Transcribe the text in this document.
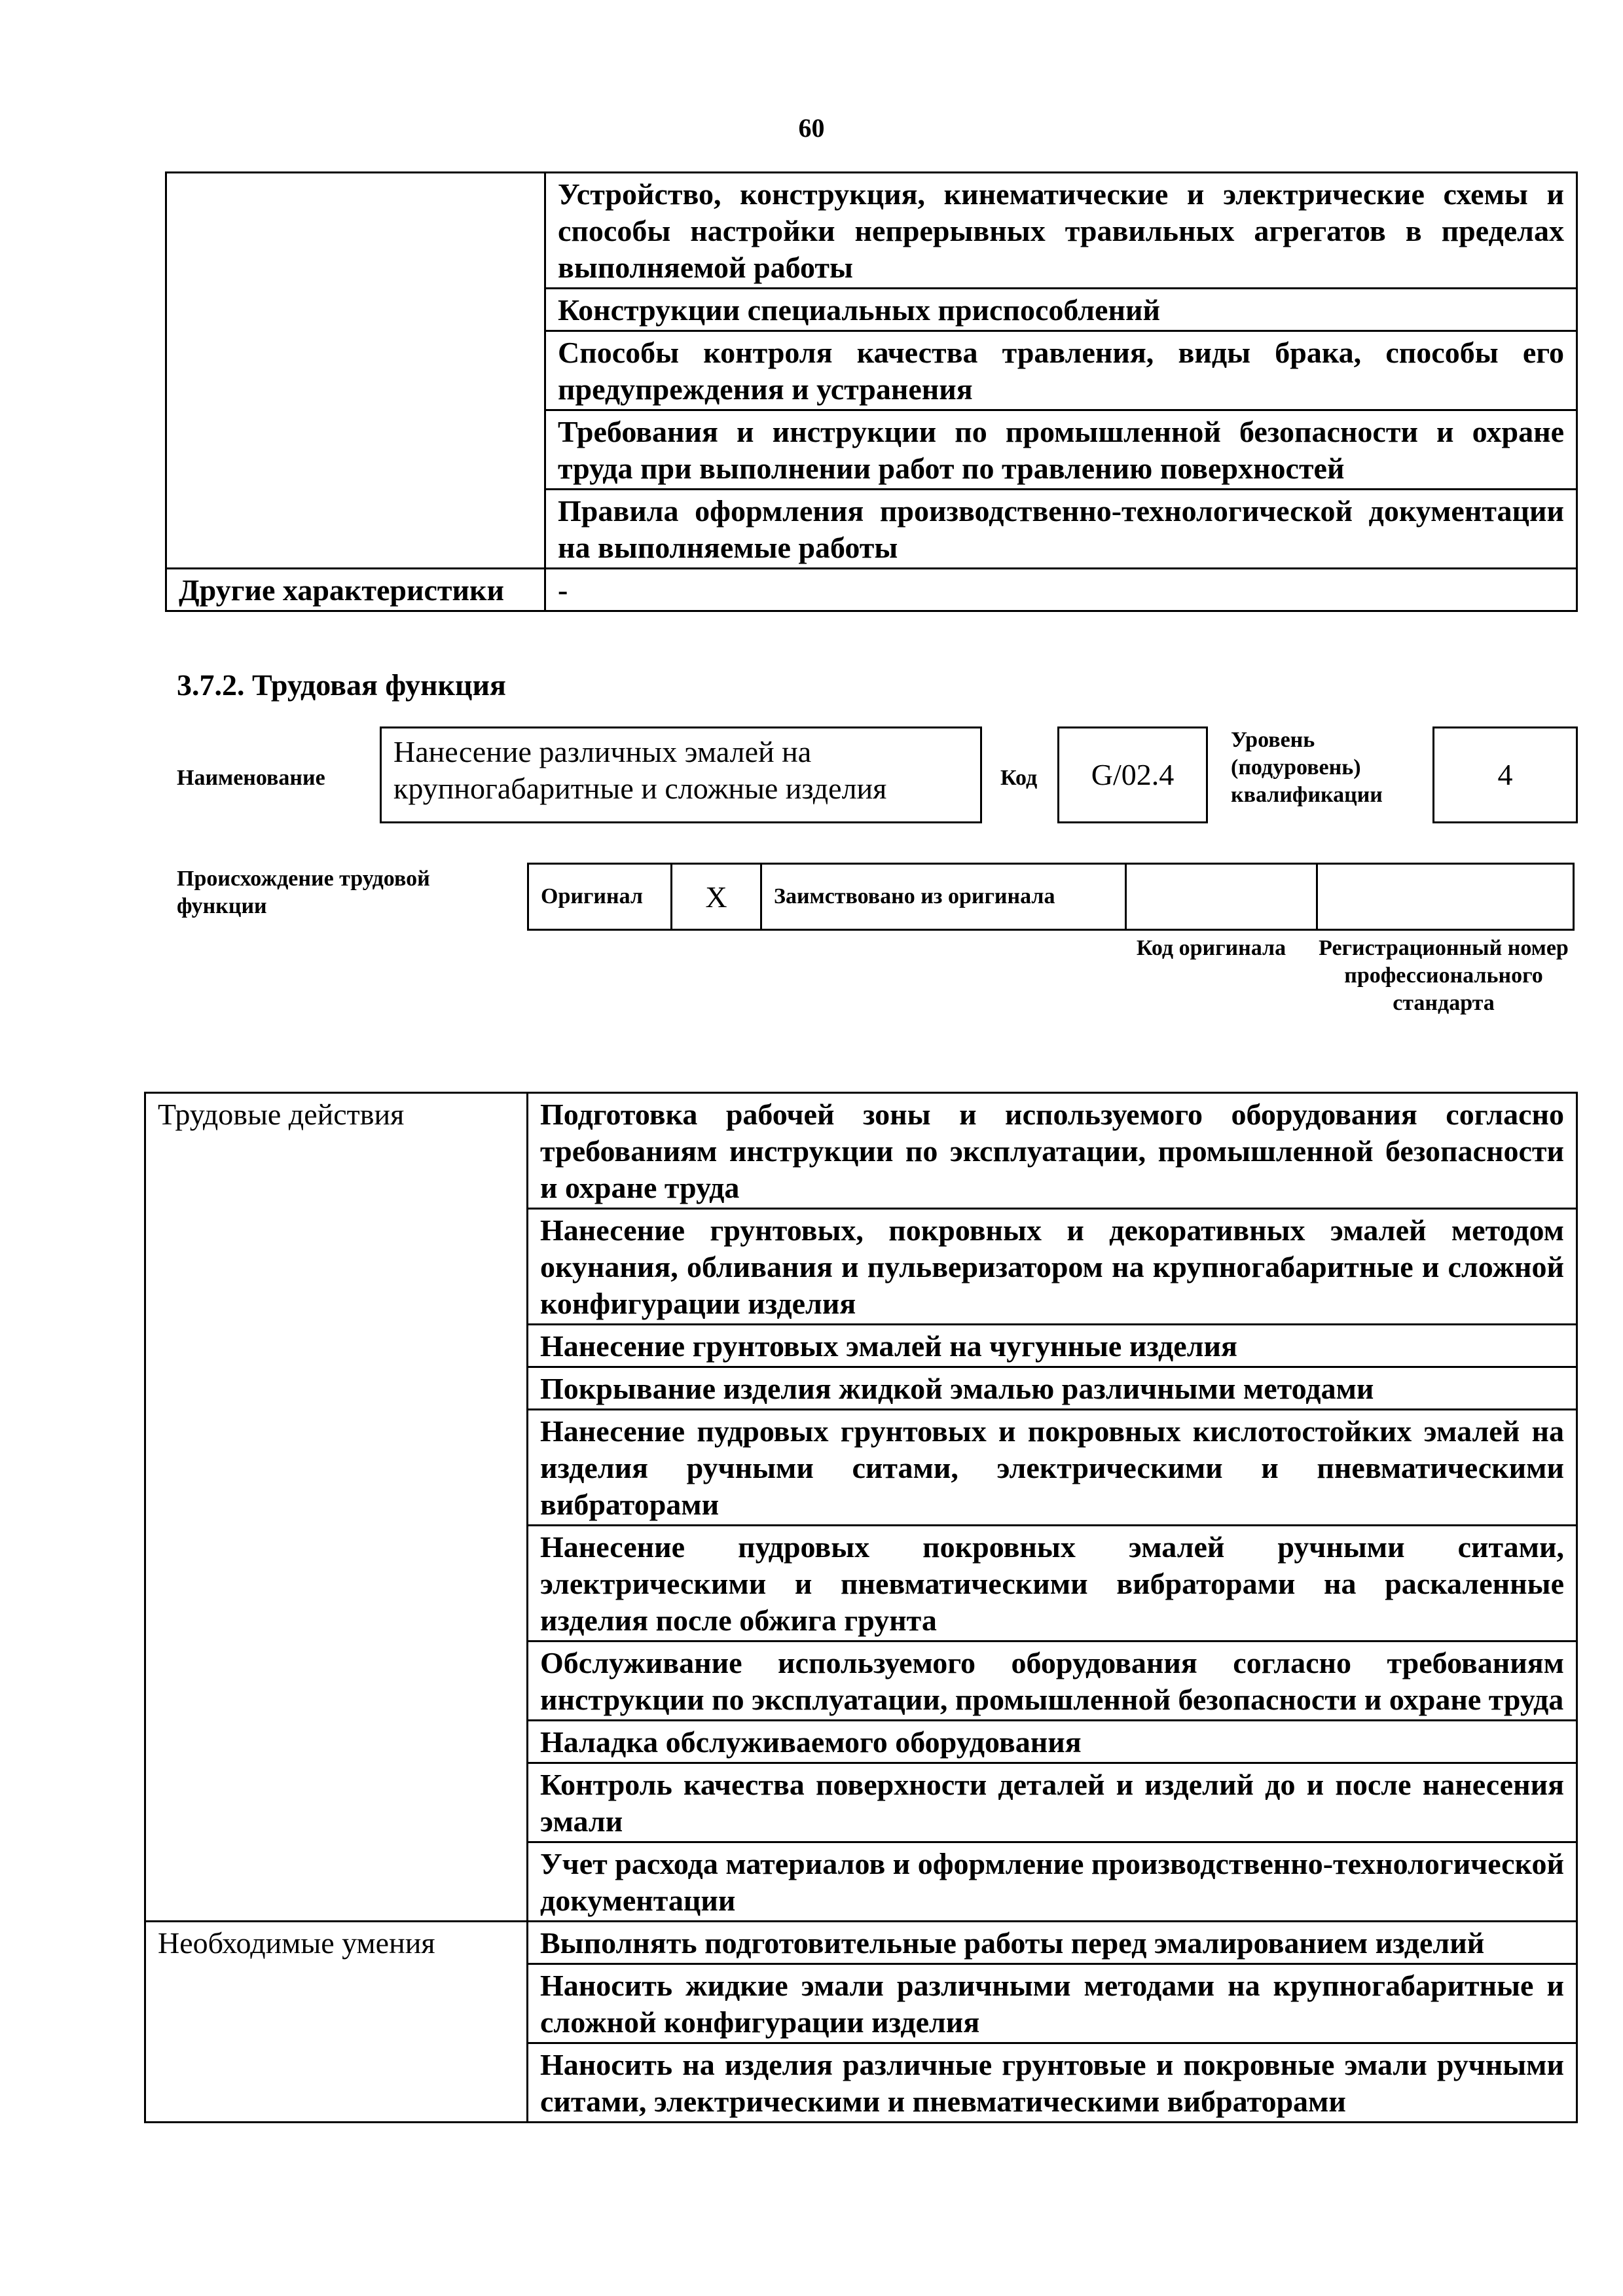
60
	Устройство, конструкция, кинематические и электрические схемы и способы настройки непрерывных травильных агрегатов в пределах выполняемой работы
	Конструкции специальных приспособлений
	Способы контроля качества травления, виды брака, способы его предупреждения и устранения
	Требования и инструкции по промышленной безопасности и охране труда при выполнении работ по травлению поверхностей
	Правила оформления производственно-технологической документации на выполняемые работы
Другие характеристики	-
3.7.2. Трудовая функция
Наименование
Нанесение различных эмалей на крупногабаритные и сложные изделия	Код	G/02.4
Уровень (подуровень) квалификации
4
Происхождение трудовой функции	Оригинал X Заимствовано из оригинала
Код оригинала	Регистрационный номер профессионального стандарта
Трудовые действия	Подготовка рабочей зоны и используемого оборудования согласно требованиям инструкции по эксплуатации, промышленной безопасности и охране труда
	Нанесение грунтовых, покровных и декоративных эмалей методом окунания, обливания и пульверизатором на крупногабаритные и сложной конфигурации изделия
	Нанесение грунтовых эмалей на чугунные изделия
	Покрывание изделия жидкой эмалью различными методами
	Нанесение пудровых грунтовых и покровных кислотостойких эмалей на изделия ручными ситами, электрическими и пневматическими вибраторами
	Нанесение пудровых покровных эмалей ручными ситами, электрическими и пневматическими вибраторами на раскаленные изделия после обжига грунта
	Обслуживание используемого оборудования согласно требованиям инструкции по эксплуатации, промышленной безопасности и охране труда
	Наладка обслуживаемого оборудования
	Контроль качества поверхности деталей и изделий до и после нанесения эмали
	Учет расхода материалов и оформление производственно-технологической документации
Необходимые умения	Выполнять подготовительные работы перед эмалированием изделий
	Наносить жидкие эмали различными методами на крупногабаритные и сложной конфигурации изделия
	Наносить на изделия различные грунтовые и покровные эмали ручными ситами, электрическими и пневматическими вибраторами
